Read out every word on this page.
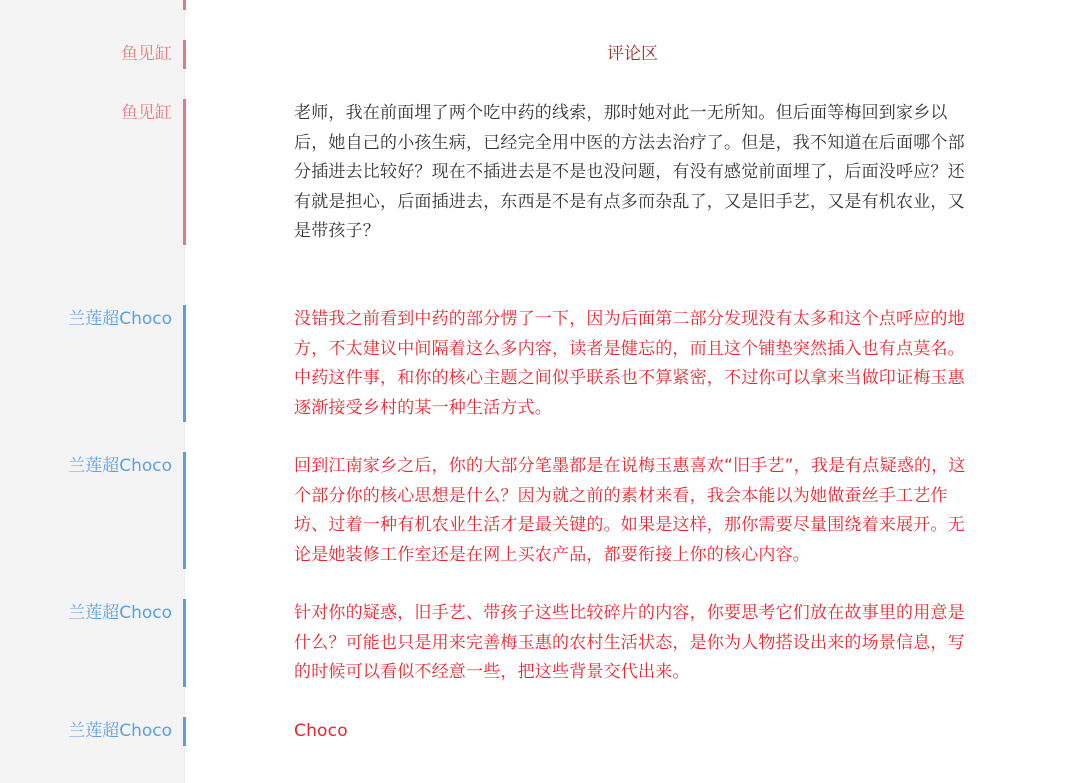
鱼见缸	评论区

鱼见缸	老师，我在前面埋了两个吃中药的线索，那时她对此一无所知。但后面等梅回到家乡以后，她自己的小孩生病，已经完全用中医的方法去治疗了。但是，我不知道在后面哪个部分插进去比较好？现在不插进去是不是也没问题，有没有感觉前面埋了，后面没呼应？还有就是担心，后面插进去，东西是不是有点多而杂乱了，又是旧手艺，又是有机农业，又是带孩子？

兰莲超Choco	没错我之前看到中药的部分愣了一下，因为后面第二部分发现没有太多和这个点呼应的地方，不太建议中间隔着这么多内容，读者是健忘的，而且这个铺垫突然插入也有点莫名。中药这件事，和你的核心主题之间似乎联系也不算紧密，不过你可以拿来当做印证梅玉惠逐渐接受乡村的某一种生活方式。

兰莲超Choco	回到江南家乡之后，你的大部分笔墨都是在说梅玉惠喜欢“旧手艺”，我是有点疑惑的，这个部分你的核心思想是什么？因为就之前的素材来看，我会本能以为她做蚕丝手工艺作坊、过着一种有机农业生活才是最关键的。如果是这样，那你需要尽量围绕着来展开。无论是她装修工作室还是在网上买农产品，都要衔接上你的核心内容。

兰莲超Choco	针对你的疑惑，旧手艺、带孩子这些比较碎片的内容，你要思考它们放在故事里的用意是什么？可能也只是用来完善梅玉惠的农村生活状态，是你为人物搭设出来的场景信息，写的时候可以看似不经意一些，把这些背景交代出来。

兰莲超Choco	Choco
